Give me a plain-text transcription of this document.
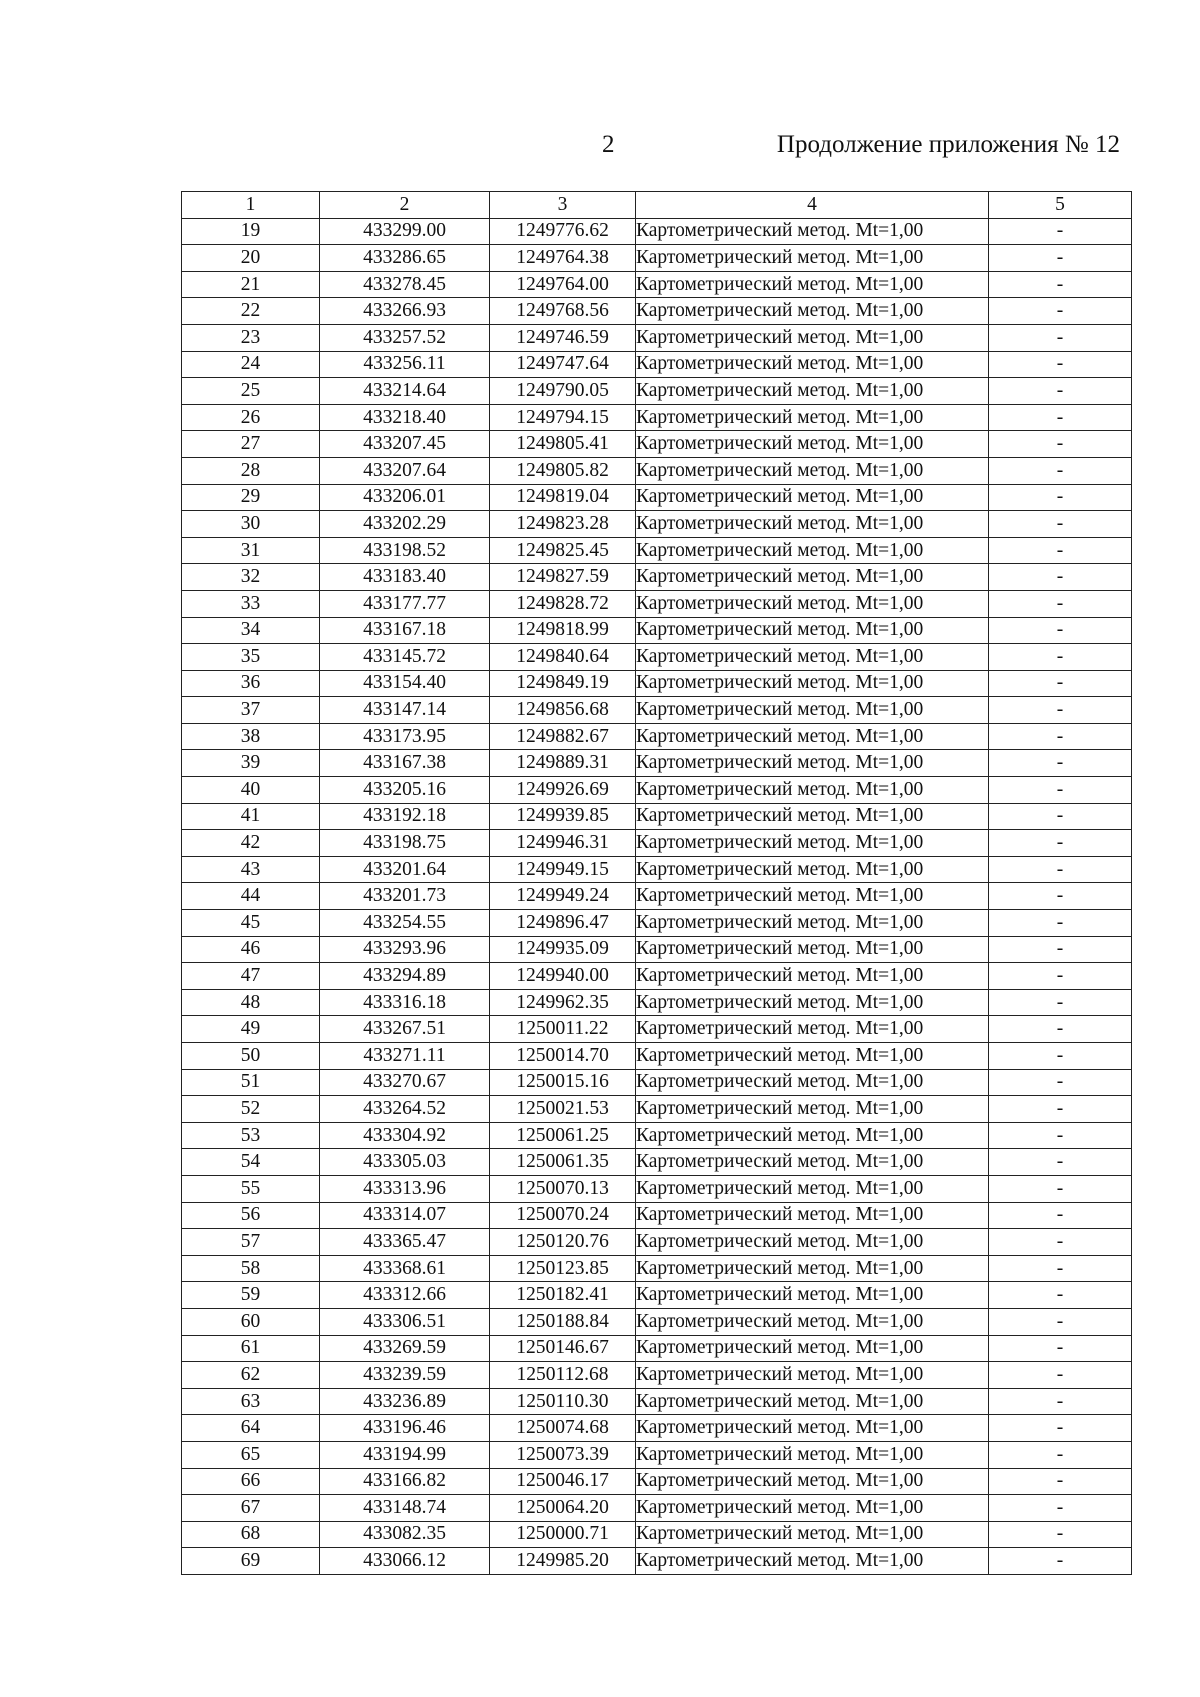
2	Продолжение приложения № 12
1	2	3	4	5
19	433299.00	1249776.62	Картометрический метод. Mt=1,00	-
20	433286.65	1249764.38	Картометрический метод. Mt=1,00	-
21	433278.45	1249764.00	Картометрический метод. Mt=1,00	-
22	433266.93	1249768.56	Картометрический метод. Mt=1,00	-
23	433257.52	1249746.59	Картометрический метод. Mt=1,00	-
24	433256.11	1249747.64	Картометрический метод. Mt=1,00	-
25	433214.64	1249790.05	Картометрический метод. Mt=1,00	-
26	433218.40	1249794.15	Картометрический метод. Mt=1,00	-
27	433207.45	1249805.41	Картометрический метод. Mt=1,00	-
28	433207.64	1249805.82	Картометрический метод. Mt=1,00	-
29	433206.01	1249819.04	Картометрический метод. Mt=1,00	-
30	433202.29	1249823.28	Картометрический метод. Mt=1,00	-
31	433198.52	1249825.45	Картометрический метод. Mt=1,00	-
32	433183.40	1249827.59	Картометрический метод. Mt=1,00	-
33	433177.77	1249828.72	Картометрический метод. Mt=1,00	-
34	433167.18	1249818.99	Картометрический метод. Mt=1,00	-
35	433145.72	1249840.64	Картометрический метод. Mt=1,00	-
36	433154.40	1249849.19	Картометрический метод. Mt=1,00	-
37	433147.14	1249856.68	Картометрический метод. Mt=1,00	-
38	433173.95	1249882.67	Картометрический метод. Mt=1,00	-
39	433167.38	1249889.31	Картометрический метод. Mt=1,00	-
40	433205.16	1249926.69	Картометрический метод. Mt=1,00	-
41	433192.18	1249939.85	Картометрический метод. Mt=1,00	-
42	433198.75	1249946.31	Картометрический метод. Mt=1,00	-
43	433201.64	1249949.15	Картометрический метод. Mt=1,00	-
44	433201.73	1249949.24	Картометрический метод. Mt=1,00	-
45	433254.55	1249896.47	Картометрический метод. Mt=1,00	-
46	433293.96	1249935.09	Картометрический метод. Mt=1,00	-
47	433294.89	1249940.00	Картометрический метод. Mt=1,00	-
48	433316.18	1249962.35	Картометрический метод. Mt=1,00	-
49	433267.51	1250011.22	Картометрический метод. Mt=1,00	-
50	433271.11	1250014.70	Картометрический метод. Mt=1,00	-
51	433270.67	1250015.16	Картометрический метод. Mt=1,00	-
52	433264.52	1250021.53	Картометрический метод. Mt=1,00	-
53	433304.92	1250061.25	Картометрический метод. Mt=1,00	-
54	433305.03	1250061.35	Картометрический метод. Mt=1,00	-
55	433313.96	1250070.13	Картометрический метод. Mt=1,00	-
56	433314.07	1250070.24	Картометрический метод. Mt=1,00	-
57	433365.47	1250120.76	Картометрический метод. Mt=1,00	-
58	433368.61	1250123.85	Картометрический метод. Mt=1,00	-
59	433312.66	1250182.41	Картометрический метод. Mt=1,00	-
60	433306.51	1250188.84	Картометрический метод. Mt=1,00	-
61	433269.59	1250146.67	Картометрический метод. Mt=1,00	-
62	433239.59	1250112.68	Картометрический метод. Mt=1,00	-
63	433236.89	1250110.30	Картометрический метод. Mt=1,00	-
64	433196.46	1250074.68	Картометрический метод. Mt=1,00	-
65	433194.99	1250073.39	Картометрический метод. Mt=1,00	-
66	433166.82	1250046.17	Картометрический метод. Mt=1,00	-
67	433148.74	1250064.20	Картометрический метод. Mt=1,00	-
68	433082.35	1250000.71	Картометрический метод. Mt=1,00	-
69	433066.12	1249985.20	Картометрический метод. Mt=1,00	-
